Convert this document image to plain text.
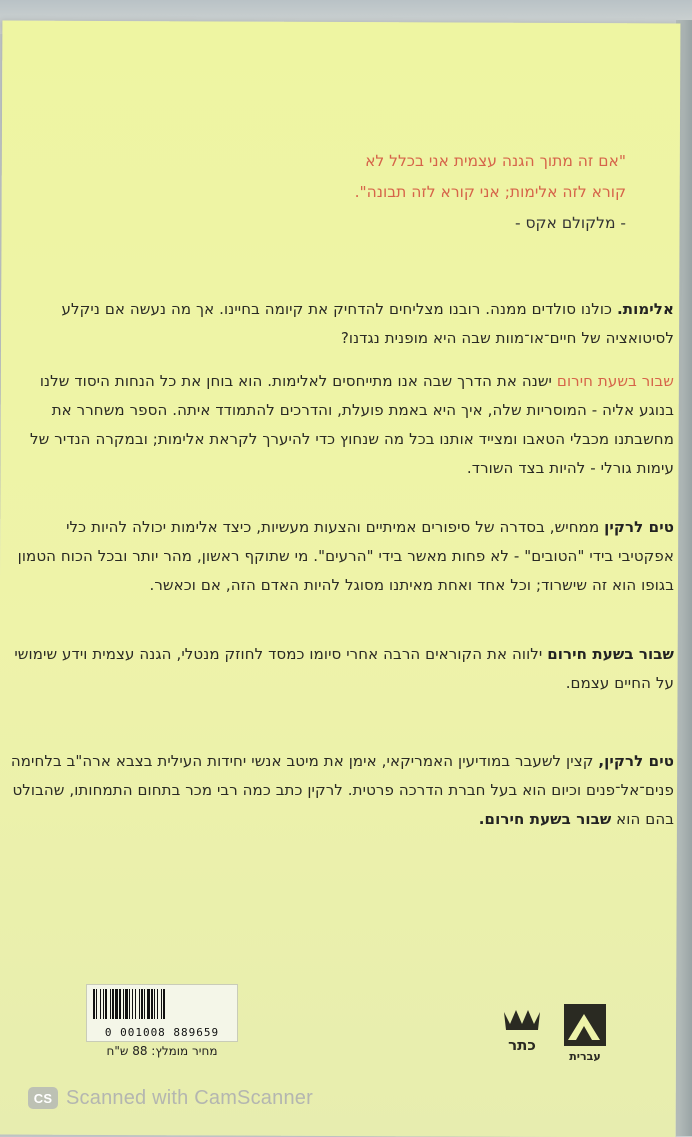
"אם זה מתוך הגנה עצמית אני בכלל לא
קורא לזה אלימות; אני קורא לזה תבונה".
- מלקולם אקס -
אלימות. כולנו סולדים ממנה. רובנו מצליחים להדחיק את קיומה בחיינו. אך מה נעשה אם ניקלע לסיטואציה של חיים־או־מוות שבה היא מופנית נגדנו?
שבור בשעת חירום ישנה את הדרך שבה אנו מתייחסים לאלימות. הוא בוחן את כל הנחות היסוד שלנו בנוגע אליה - המוסריות שלה, איך היא באמת פועלת, והדרכים להתמודד איתה. הספר משחרר את מחשבתנו מכבלי הטאבו ומצייד אותנו בכל מה שנחוץ כדי להיערך לקראת אלימות; ובמקרה הנדיר של עימות גורלי - להיות בצד השורד.
טים לרקין ממחיש, בסדרה של סיפורים אמיתיים והצעות מעשיות, כיצד אלימות יכולה להיות כלי אפקטיבי בידי "הטובים" - לא פחות מאשר בידי "הרעים". מי שתוקף ראשון, מהר יותר ובכל הכוח הטמון בגופו הוא זה שישרוד; וכל אחד ואחת מאיתנו מסוגל להיות האדם הזה, אם וכאשר.
שבור בשעת חירום ילווה את הקוראים הרבה אחרי סיומו כמסד לחוזק מנטלי, הגנה עצמית וידע שימושי על החיים עצמם.
טים לרקין, קצין לשעבר במודיעין האמריקאי, אימן את מיטב אנשי יחידות העילית בצבא ארה"ב בלחימה פנים־אל־פנים וכיום הוא בעל חברת הדרכה פרטית. לרקין כתב כמה רבי מכר בתחום התמחותו, שהבולט בהם הוא שבור בשעת חירום.
0 001008 889659
מחיר מומלץ: 88 ש"ח	כתר
עברית
CS Scanned with CamScanner
